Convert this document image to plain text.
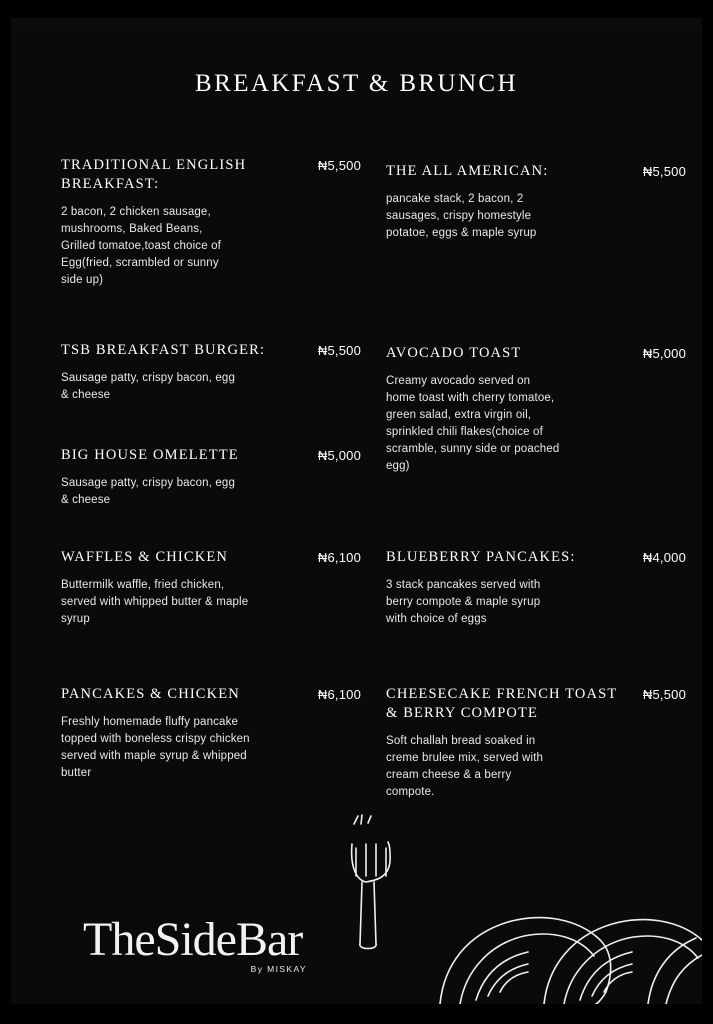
BREAKFAST & BRUNCH
TRADITIONAL ENGLISH BREAKFAST:
₦5,500
2 bacon, 2 chicken sausage, mushrooms, Baked Beans, Grilled tomatoe,toast choice of Egg(fried, scrambled or sunny side up)
TSB BREAKFAST BURGER:	₦5,500
Sausage patty, crispy bacon, egg & cheese
BIG HOUSE OMELETTE	₦5,000
Sausage patty, crispy bacon, egg & cheese
WAFFLES & CHICKEN	₦6,100
Buttermilk waffle, fried chicken, served with whipped butter & maple syrup
PANCAKES & CHICKEN	₦6,100
Freshly homemade fluffy pancake topped with boneless crispy chicken served with maple syrup & whipped butter
THE ALL AMERICAN:	₦5,500
pancake stack, 2 bacon, 2 sausages, crispy homestyle potatoe, eggs & maple syrup
AVOCADO TOAST	₦5,000
Creamy avocado served on home toast with cherry tomatoe, green salad, extra virgin oil, sprinkled chili flakes(choice of scramble, sunny side or poached egg)
BLUEBERRY PANCAKES:	₦4,000
3 stack pancakes served with berry compote & maple syrup with choice of eggs
CHEESECAKE FRENCH TOAST & BERRY COMPOTE
₦5,500
Soft challah bread soaked in creme brulee mix, served with cream cheese & a berry compote.
TheSideBar
By MISKAY
